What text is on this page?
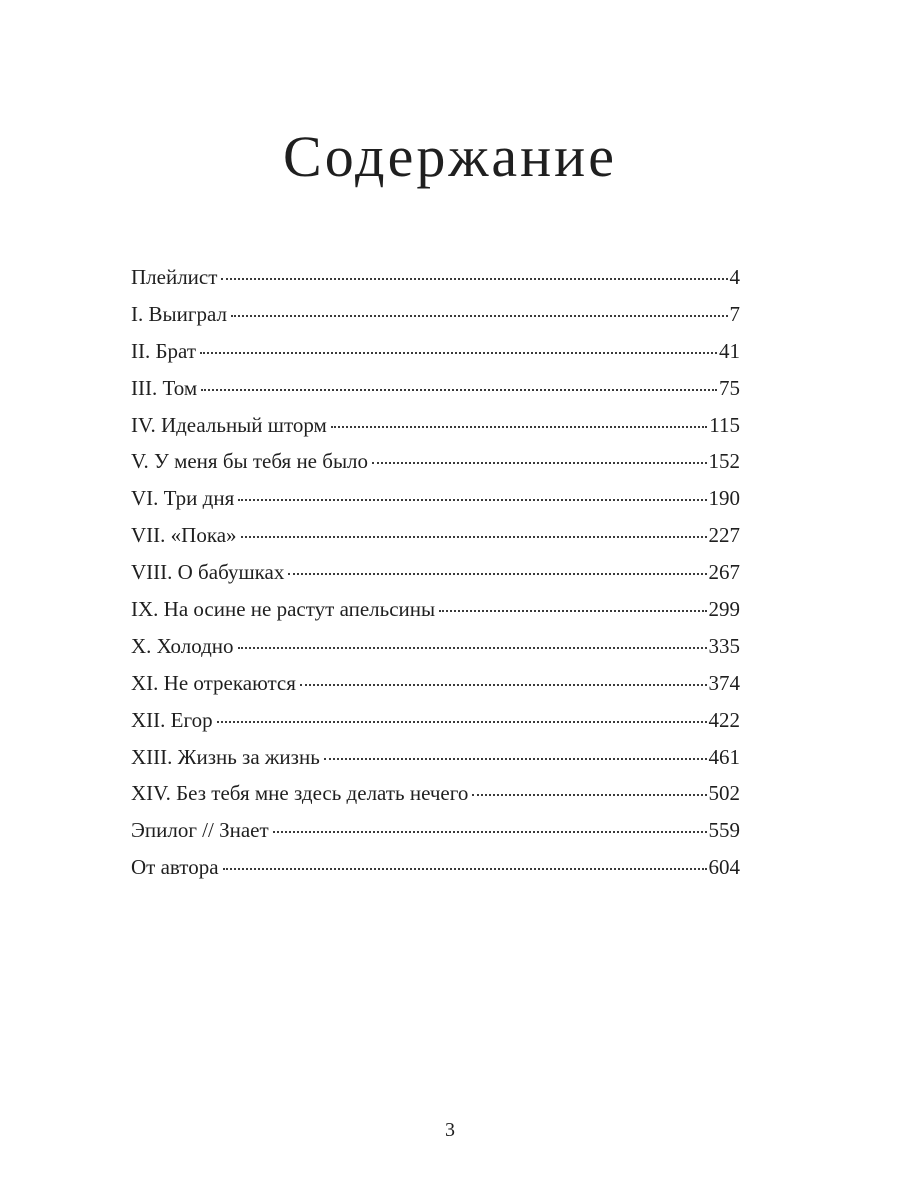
Содержание
Плейлист	4
I. Выиграл	7
II. Брат	41
III. Том	75
IV. Идеальный шторм	115
V. У меня бы тебя не было	152
VI. Три дня	190
VII. «Пока»	227
VIII. О бабушках	267
IX. На осине не растут апельсины	299
X. Холодно	335
XI. Не отрекаются	374
XII. Егор	422
XIII. Жизнь за жизнь	461
XIV. Без тебя мне здесь делать нечего	502
Эпилог // Знает	559
От автора	604
3
